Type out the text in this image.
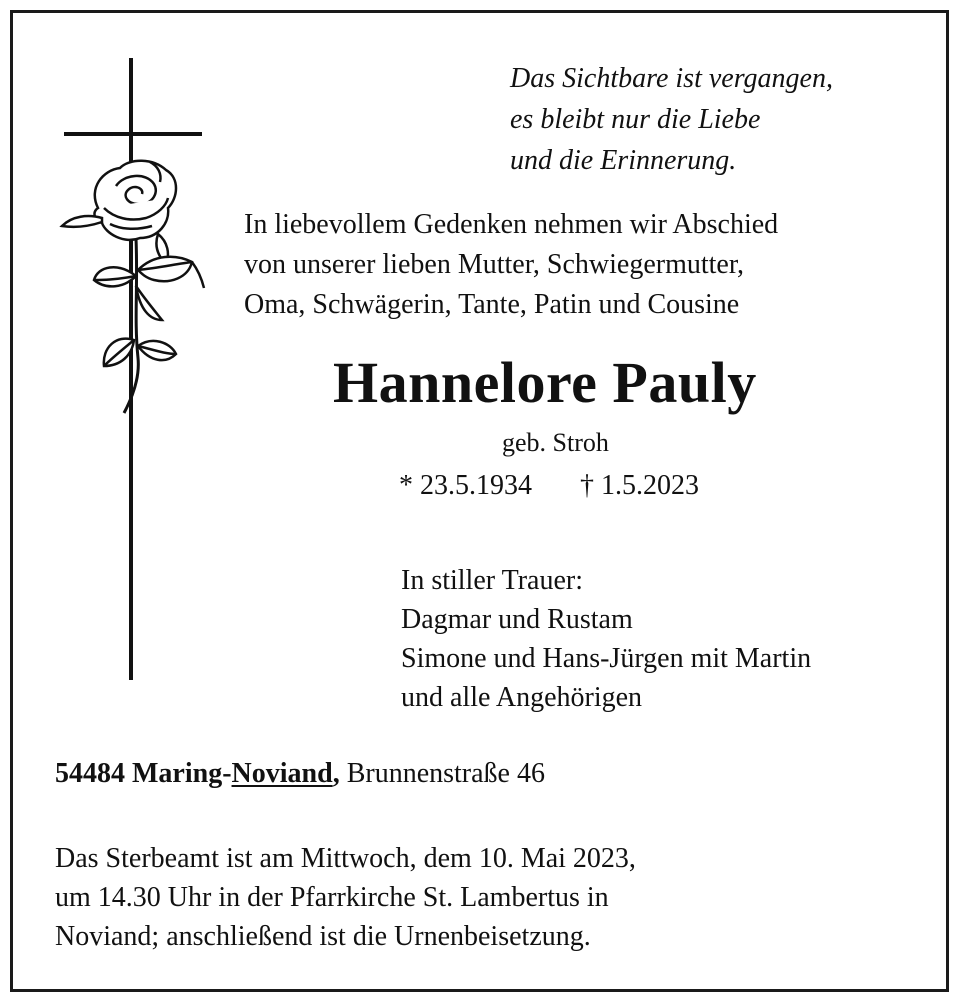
Das Sichtbare ist vergangen,
es bleibt nur die Liebe
und die Erinnerung.
In liebevollem Gedenken nehmen wir Abschied
von unserer lieben Mutter, Schwiegermutter,
Oma, Schwägerin, Tante, Patin und Cousine
Hannelore Pauly
geb. Stroh
* 23.5.1934 † 1.5.2023
In stiller Trauer:
Dagmar und Rustam
Simone und Hans-Jürgen mit Martin
und alle Angehörigen
54484 Maring-Noviand, Brunnenstraße 46
Das Sterbeamt ist am Mittwoch, dem 10. Mai 2023,
um 14.30 Uhr in der Pfarrkirche St. Lambertus in
Noviand; anschließend ist die Urnenbeisetzung.
